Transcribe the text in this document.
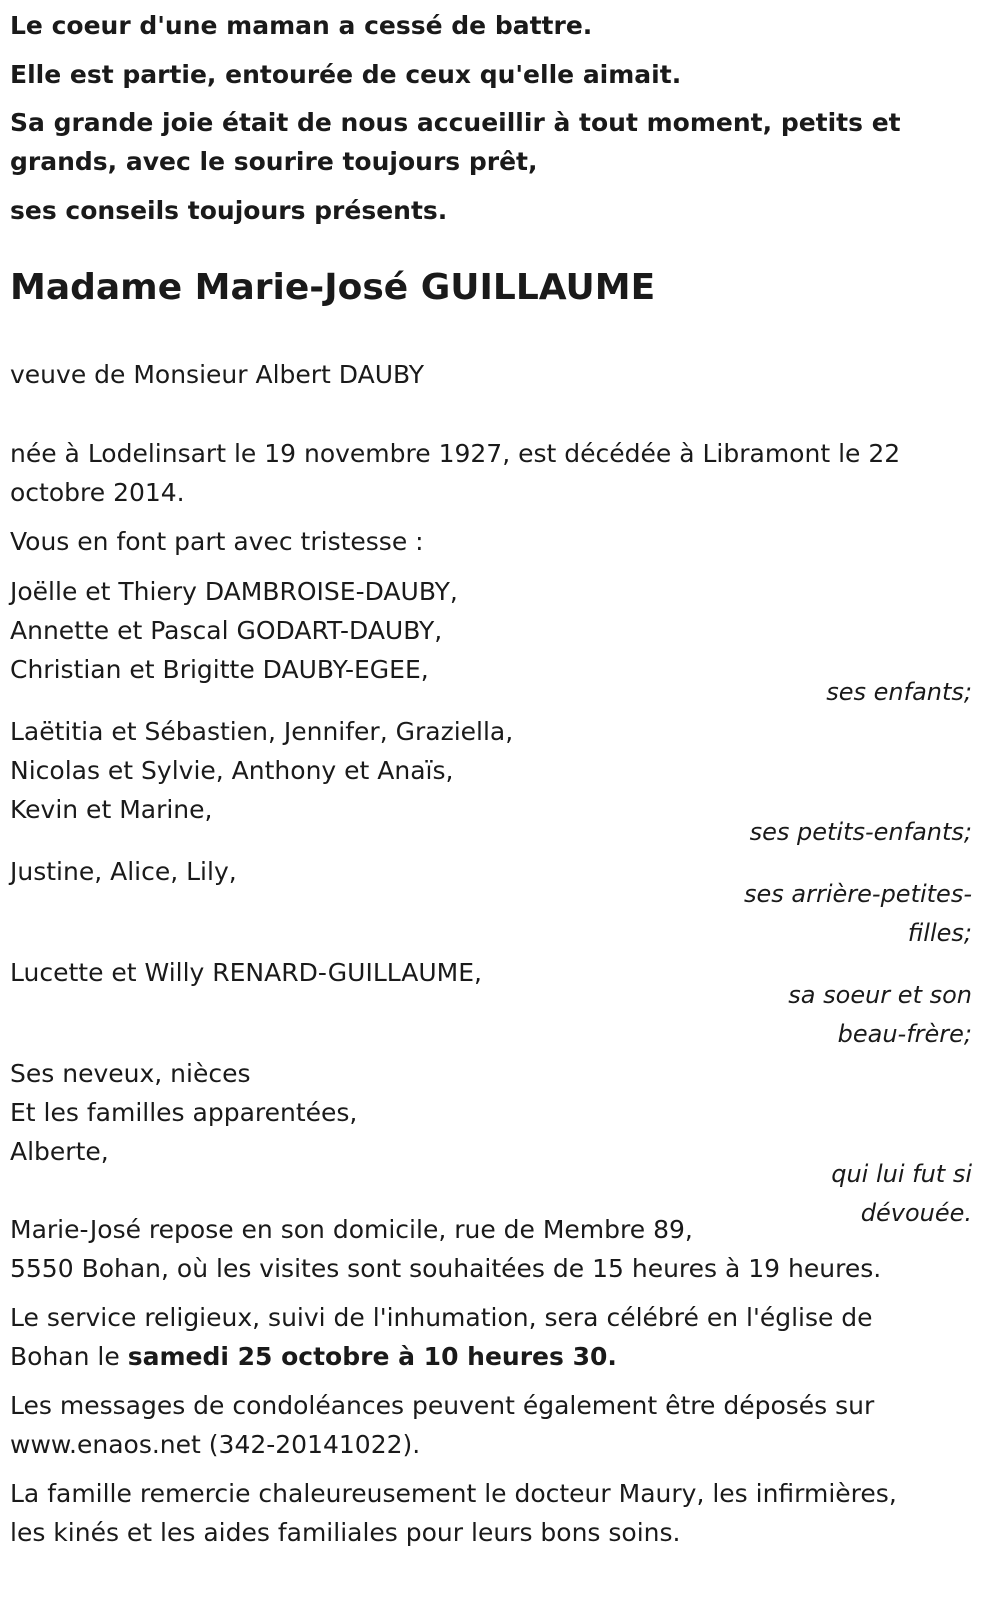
Le coeur d'une maman a cessé de battre.

Elle est partie, entourée de ceux qu'elle aimait.

Sa grande joie était de nous accueillir à tout moment, petits et

grands, avec le sourire toujours prêt,

ses conseils toujours présents.

Madame Marie-José GUILLAUME

veuve de Monsieur Albert DAUBY

née à Lodelinsart le 19 novembre 1927, est décédée à Libramont le 22

octobre 2014.

Vous en font part avec tristesse :

Joëlle et Thiery DAMBROISE-DAUBY,

Annette et Pascal GODART-DAUBY,

Christian et Brigitte DAUBY-EGEE,

ses enfants;

Laëtitia et Sébastien, Jennifer, Graziella,

Nicolas et Sylvie, Anthony et Anaïs,

Kevin et Marine,

ses petits-enfants;

Justine, Alice, Lily,

ses arrière-petites-

filles;

Lucette et Willy RENARD-GUILLAUME,

sa soeur et son

beau-frère;

Ses neveux, nièces

Et les familles apparentées,

Alberte,

qui lui fut si

dévouée.

Marie-José repose en son domicile, rue de Membre 89,

5550 Bohan, où les visites sont souhaitées de 15 heures à 19 heures.

Le service religieux, suivi de l'inhumation, sera célébré en l'église de

Bohan le samedi 25 octobre à 10 heures 30.

Les messages de condoléances peuvent également être déposés sur

www.enaos.net (342-20141022).

La famille remercie chaleureusement le docteur Maury, les infirmières,

les kinés et les aides familiales pour leurs bons soins.
